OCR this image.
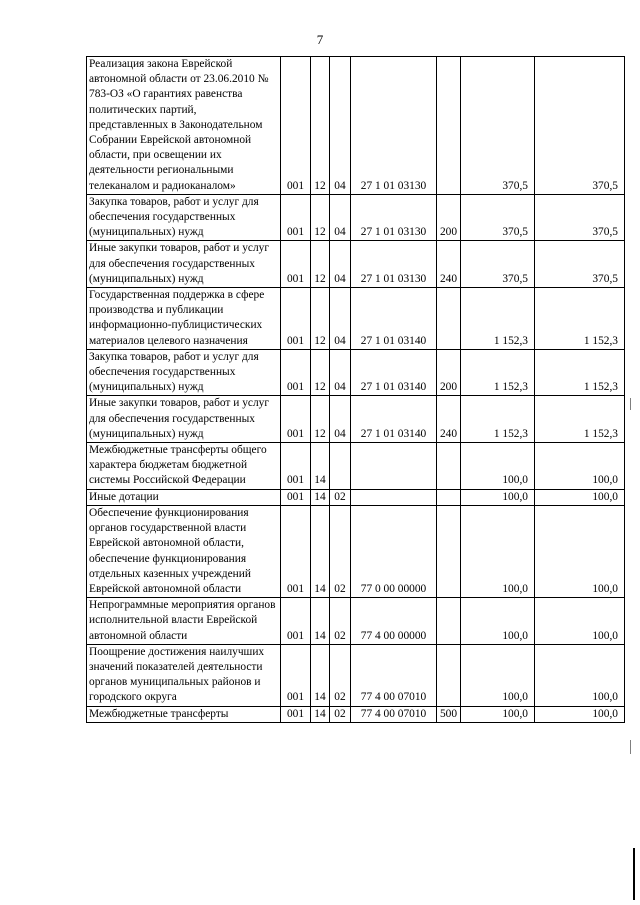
7
Реализация закона Еврейской автономной области от 23.06.2010 № 783-ОЗ «О гарантиях равенства политических партий, представленных в Законодательном Собрании Еврейской автономной области, при освещении их деятельности региональными телеканалом и радиоканалом»	001	12	04	27 1 01 03130		370,5	370,5
Закупка товаров, работ и услуг для обеспечения государственных (муниципальных) нужд	001	12	04	27 1 01 03130	200	370,5	370,5
Иные закупки товаров, работ и услуг для обеспечения государственных (муниципальных) нужд	001	12	04	27 1 01 03130	240	370,5	370,5
Государственная поддержка в сфере производства и публикации информационно-публицистических материалов целевого назначения	001	12	04	27 1 01 03140		1 152,3	1 152,3
Закупка товаров, работ и услуг для обеспечения государственных (муниципальных) нужд	001	12	04	27 1 01 03140	200	1 152,3	1 152,3
Иные закупки товаров, работ и услуг для обеспечения государственных (муниципальных) нужд	001	12	04	27 1 01 03140	240	1 152,3	1 152,3
Межбюджетные трансферты общего характера бюджетам бюджетной системы Российской Федерации	001	14				100,0	100,0
Иные дотации	001	14	02			100,0	100,0
Обеспечение функционирования органов государственной власти Еврейской автономной области, обеспечение функционирования отдельных казенных учреждений Еврейской автономной области	001	14	02	77 0 00 00000		100,0	100,0
Непрограммные мероприятия органов исполнительной власти Еврейской автономной области	001	14	02	77 4 00 00000		100,0	100,0
Поощрение достижения наилучших значений показателей деятельности органов муниципальных районов и городского округа	001	14	02	77 4 00 07010		100,0	100,0
Межбюджетные трансферты	001	14	02	77 4 00 07010	500	100,0	100,0
